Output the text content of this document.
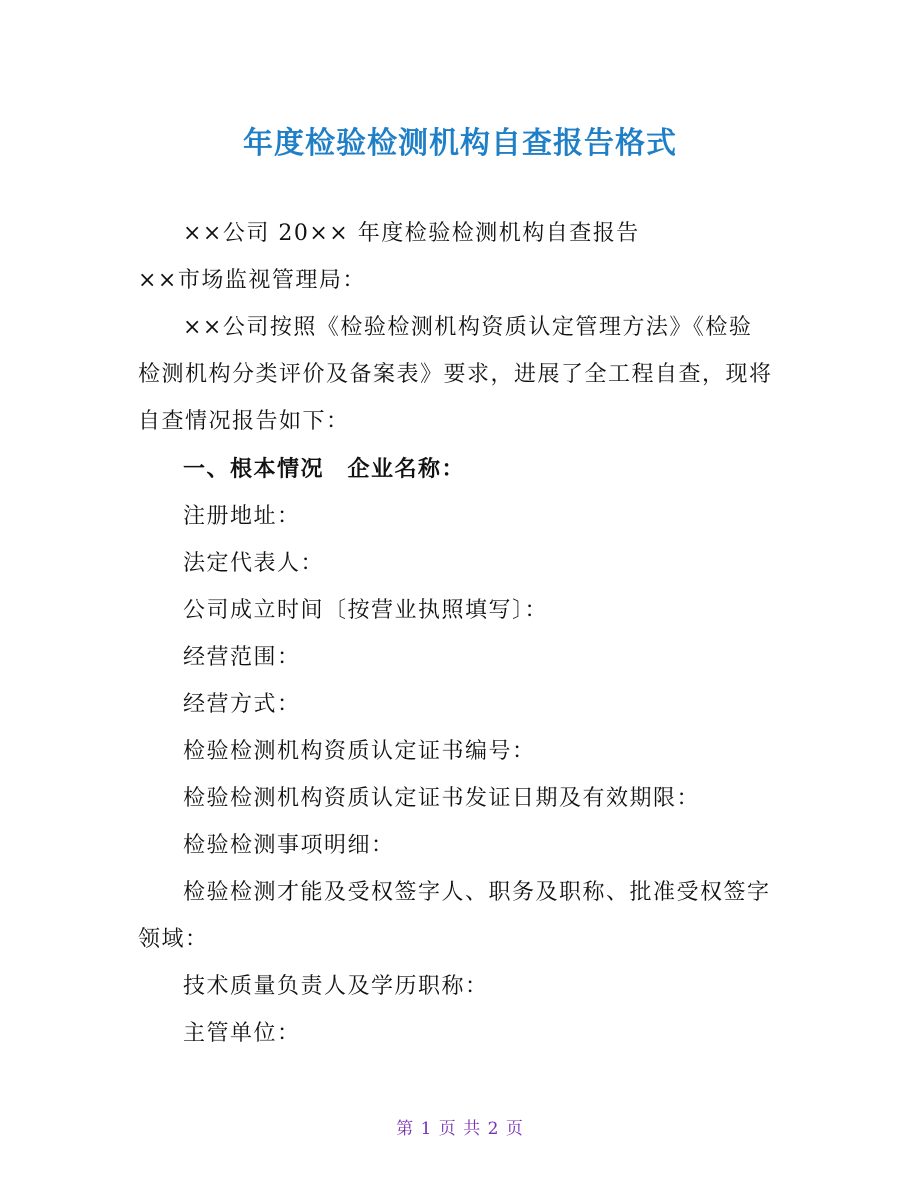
年度检验检测机构自查报告格式
××公司 20×× 年度检验检测机构自查报告
××市场监视管理局：
××公司按照《检验检测机构资质认定管理方法》《检验
检测机构分类评价及备案表》要求，进展了全工程自查，现将
自查情况报告如下：
一、根本情况　企业名称：
注册地址：
法定代表人：
公司成立时间〔按营业执照填写〕：
经营范围：
经营方式：
检验检测机构资质认定证书编号：
检验检测机构资质认定证书发证日期及有效期限：
检验检测事项明细：
检验检测才能及受权签字人、职务及职称、批准受权签字
领域：
技术质量负责人及学历职称：
主管单位：
第 1 页 共 2 页
